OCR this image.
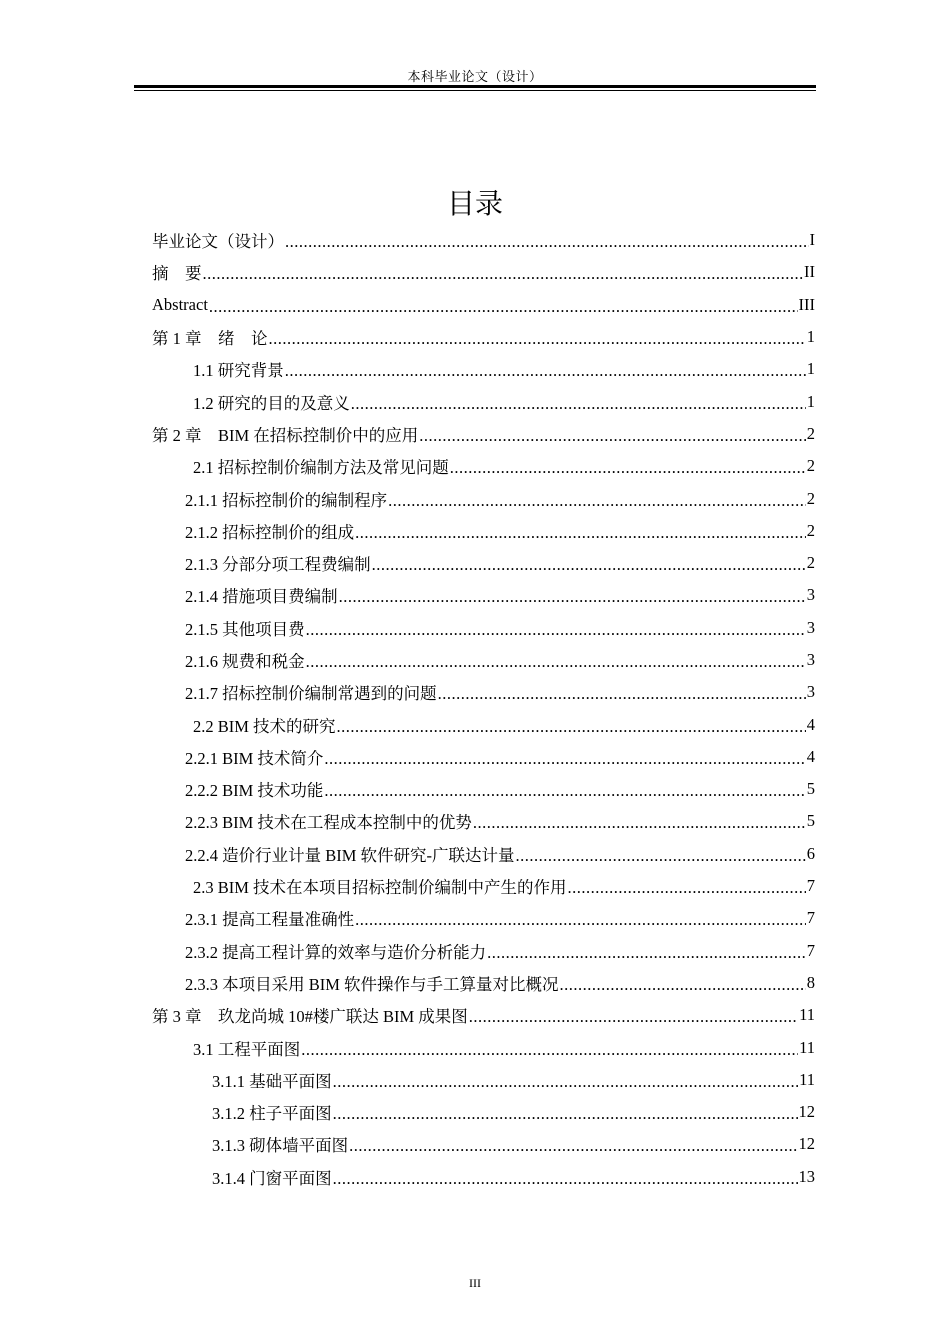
本科毕业论文（设计）
目录
毕业论文（设计） .....	I
摘　要 .....	II
Abstract .....	III
第 1 章　绪　论 .....	1
1.1 研究背景 .....	1
1.2 研究的目的及意义 .....	1
第 2 章　BIM 在招标控制价中的应用 .....	2
2.1 招标控制价编制方法及常见问题 .....	2
2.1.1 招标控制价的编制程序 .....	2
2.1.2 招标控制价的组成 .....	2
2.1.3 分部分项工程费编制 .....	2
2.1.4 措施项目费编制 .....	3
2.1.5 其他项目费 .....	3
2.1.6 规费和税金 .....	3
2.1.7 招标控制价编制常遇到的问题 .....	3
2.2 BIM 技术的研究 .....	4
2.2.1 BIM 技术简介 .....	4
2.2.2 BIM 技术功能 .....	5
2.2.3 BIM 技术在工程成本控制中的优势 .....	5
2.2.4 造价行业计量 BIM 软件研究-广联达计量 .....	6
2.3 BIM 技术在本项目招标控制价编制中产生的作用 .....	7
2.3.1 提高工程量准确性 .....	7
2.3.2 提高工程计算的效率与造价分析能力 .....	7
2.3.3 本项目采用 BIM 软件操作与手工算量对比概况 .....	8
第 3 章　玖龙尚城 10#楼广联达 BIM 成果图 .....	11
3.1 工程平面图 .....	11
3.1.1 基础平面图 .....	11
3.1.2 柱子平面图 .....	12
3.1.3 砌体墙平面图 .....	12
3.1.4 门窗平面图 .....	13
III
